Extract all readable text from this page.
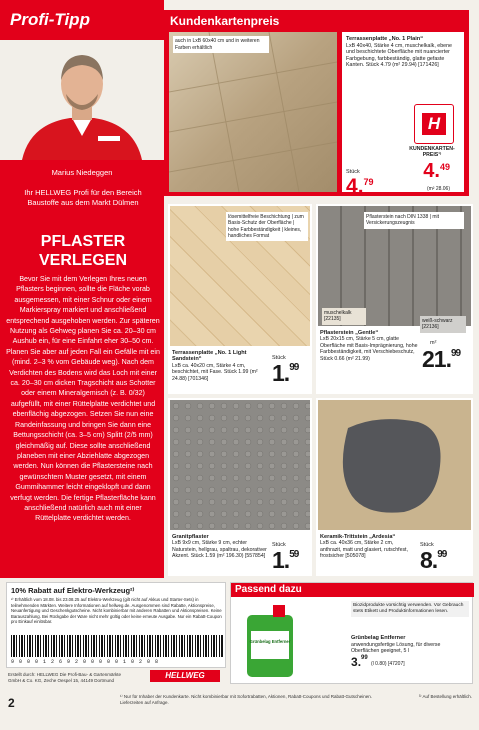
Profi-Tipp
Marius Niedeggen
Ihr HELLWEG Profi für den Bereich Baustoffe aus dem Markt Dülmen
PFLASTER VERLEGEN
Bevor Sie mit dem Verlegen Ihres neuen Pflasters beginnen, sollte die Fläche vorab ausgemessen, mit einer Schnur oder einem Markierspray markiert und anschließend entsprechend ausgehoben werden. Zur späteren Nutzung als Gehweg planen Sie ca. 20–30 cm Aushub ein, für eine Einfahrt eher 30–50 cm. Planen Sie aber auf jeden Fall ein Gefälle mit ein (mind. 2–3 % vom Gebäude weg). Nach dem Verdichten des Bodens wird das Loch mit einer ca. 20–30 cm dicken Tragschicht aus Schotter oder einem Mineralgemisch (z. B. 0/32) aufgefüllt, mit einer Rüttelplatte verdichtet und ebenflächig abgezogen. Setzen Sie nun eine Randeinfassung und bringen Sie dann eine Bettungsschicht (ca. 3–5 cm) Splitt (2/5 mm) gleichmäßig auf. Diese sollte anschließend planeben mit einer Abziehlatte abgezogen werden. Nun können die Pflastersteine nach gewünschtem Muster gesetzt, mit einem Gummihammer leicht eingeklopft und dann verfugt werden. Die fertige Pflasterfläche kann anschließend natürlich auch mit einer Rüttelplatte verdichtet werden.
Kundenkartenpreis
auch in LxB 60x40 cm und in weiteren Farben erhältlich
Terrassenplatte „No. 1 Plain“
LxB 40x40, Stärke 4 cm, muschelkalk, ebene und beschichtete Oberfläche mit nuancierter Farbgebung, farbbeständig, glatte gefaste Kanten. Stück 4.79 (m² 29.94) [171426]
H
KUNDENKARTEN-PREIS¹⁾
4.49
(m² 28.06)
Stück
4.79
lösemittelfreie Beschichtung | zum Basis-Schutz der Oberfläche | hohe Farbbeständigkeit | kleines, handliches Format
Terrassenplatte „No. 1 Light Sandstein“
LxB ca. 40x20 cm, Stärke 4 cm, beschichtet, mit Fase. Stück 1.99 (m² 24.88) [701346]
Stück
1.99
Pflasterstein nach DIN 1338 | mit Versickerungszeugnis
muschelkalk [22135]	weiß-schwarz [22136]
Pflasterstein „Gentle“
LxB 20x15 cm, Stärke 5 cm, glatte Oberfläche mit Basis-Imprägnierung, hohe Farbbeständigkeit, mit Verschiebeschutz, Stück 0.66 (m² 21.99)
m²
21.99
Granitpflaster
LxB 9x9 cm, Stärke 9 cm, echter Naturstein, hellgrau, spaltrau, dekorativer Akzent. Stück 1.59 (m² 196.30) [557854]
Stück
1.59
Keramik-Trittstein „Ardesia“
LxB ca. 40x36 cm, Stärke 2 cm, anthrazit, matt und glasiert, rutschfest, frostsicher [505078]
Stück
8.99
10% Rabatt auf Elektro-Werkzeug²⁾
²⁾ Erhältlich vom 18.08. bis 23.08.25 auf Elektro-Werkzeug (gilt nicht auf Akkus und Starter-Sets) in teilnehmenden Märkten. Weitere Informationen auf hellweg.de. Ausgenommen sind Rabatte, Aktionspreise, Neuanfertigung und Geschenkgutscheine. Nicht kombinierbar mit anderen Rabatten und Aktionspreisen. Keine Barauszahlung. Bei Rückgabe der Ware nicht mehr gültig oder keine erneute Ausgabe. Nur ein Rabatt-Coupon pro Einkauf einlösbar.
9 0 0 0 1 2 6 9 2 0 0 0 0 0 1 0 2 0 8
Erstellt durch: HELLWEG Die Profi-Bau- & Gartenmärkte GmbH & Co. KG, Zeche Oespel 15, 44149 Dortmund
HELLWEG
Passend dazu
Grünbelag Entferner
Biozidprodukte vorsichtig verwenden. Vor Gebrauch stets Etikett und Produktinformationen lesen.
Grünbelag Entferner
anwendungsfertige Lösung, für diverse Oberflächen geeignet, 5 l
3.99
(l 0.80) [47207]
2	¹⁾ Nur für Inhaber der Kundenkarte. Nicht kombinierbar mit Sofortrabatten, Aktionen, Rabatt-Coupons und Rabatt-Gutscheinen.
Lieferzeiten auf Anfrage.
³⁾ Auf Bestellung erhältlich.
